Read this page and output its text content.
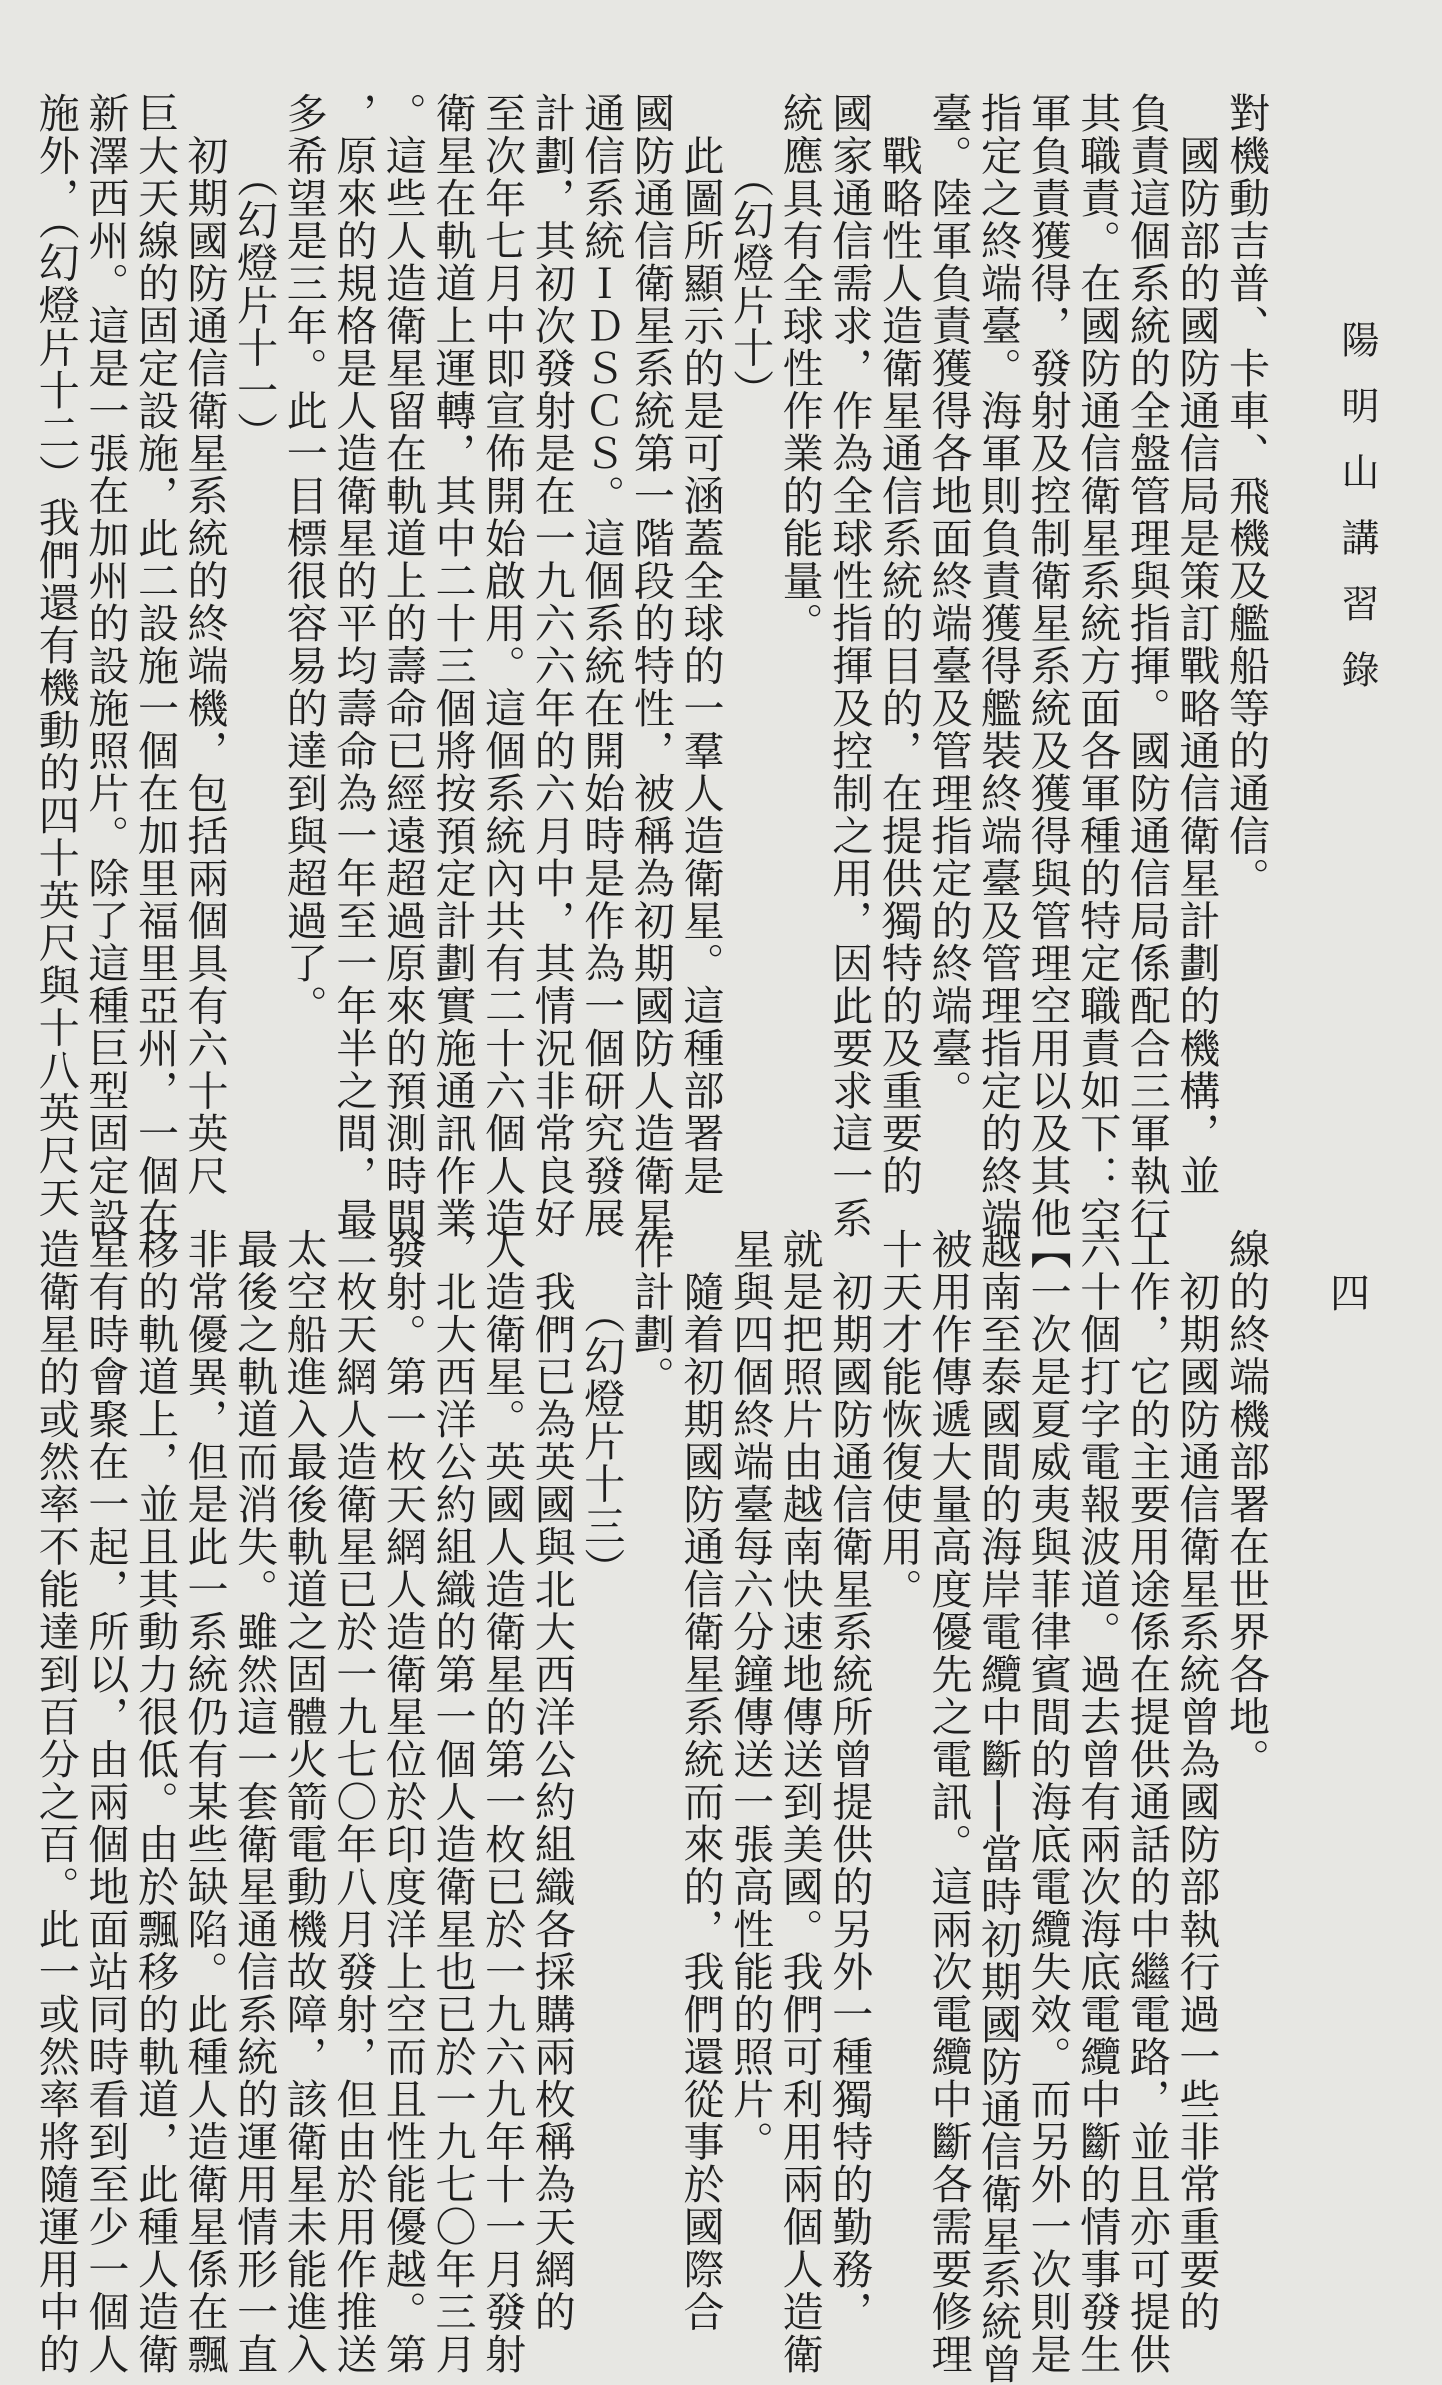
陽明山講習錄
四
對機動吉普、卡車、飛機及艦船等的通信。
　國防部的國防通信局是策訂戰略通信衛星計劃的機構，並
負責這個系統的全盤管理與指揮。國防通信局係配合三軍執行
其職責。在國防通信衛星系統方面各軍種的特定職責如下：空
軍負責獲得，發射及控制衛星系統及獲得與管理空用以及其他
指定之終端臺。海軍則負責獲得艦裝終端臺及管理指定的終端
臺。陸軍負責獲得各地面終端臺及管理指定的終端臺。
　戰略性人造衛星通信系統的目的，在提供獨特的及重要的
國家通信需求，作為全球性指揮及控制之用，因此要求這一系
統應具有全球性作業的能量。
　　（幻燈片十）
　此圖所顯示的是可涵蓋全球的一羣人造衛星。這種部署是
國防通信衛星系統第一階段的特性，被稱為初期國防人造衛星
通信系統ＩＤＳＣＳ。這個系統在開始時是作為一個研究發展
計劃，其初次發射是在一九六六年的六月中，其情況非常良好
至次年七月中即宣佈開始啟用。這個系統內共有二十六個人造
衛星在軌道上運轉，其中二十三個將按預定計劃實施通訊作業
。這些人造衛星留在軌道上的壽命已經遠超過原來的預測時間
，原來的規格是人造衛星的平均壽命為一年至一年半之間，最
多希望是三年。此一目標很容易的達到與超過了。
　　（幻燈片十一）
　初期國防通信衛星系統的終端機，包括兩個具有六十英尺
巨大天線的固定設施，此二設施一個在加里福里亞州，一個在
新澤西州。這是一張在加州的設施照片。除了這種巨型固定設
施外，（幻燈片十二）我們還有機動的四十英尺與十八英尺天
線的終端機部署在世界各地。
　初期國防通信衛星系統曾為國防部執行過一些非常重要的
工作，它的主要用途係在提供通話的中繼電路，並且亦可提供
六十個打字電報波道。過去曾有兩次海底電纜中斷的情事發生
【一次是夏威夷與菲律賓間的海底電纜失效。而另外一次則是
越南至泰國間的海岸電纜中斷──當時初期國防通信衛星系統曾
被用作傳遞大量高度優先之電訊。這兩次電纜中斷各需要修理
十天才能恢復使用。
　初期國防通信衛星系統所曾提供的另外一種獨特的勤務，
就是把照片由越南快速地傳送到美國。我們可利用兩個人造衛
星與四個終端臺每六分鐘傳送一張高性能的照片。
　隨着初期國防通信衛星系統而來的，我們還從事於國際合
作計劃。
　　（幻燈片十三）
　我們已為英國與北大西洋公約組織各採購兩枚稱為天網的
人造衛星。英國人造衛星的第一枚已於一九六九年十一月發射
，北大西洋公約組織的第一個人造衛星也已於一九七〇年三月
發射。第一枚天網人造衛星位於印度洋上空而且性能優越。第
二枚天網人造衛星已於一九七〇年八月發射，但由於用作推送
太空船進入最後軌道之固體火箭電動機故障，該衛星未能進入
最後之軌道而消失。雖然這一套衛星通信系統的運用情形一直
非常優異，但是此一系統仍有某些缺陷。此種人造衛星係在飄
移的軌道上，並且其動力很低。由於飄移的軌道，此種人造衛
星有時會聚在一起，所以，由兩個地面站同時看到至少一個人
造衛星的或然率不能達到百分之百。此一或然率將隨運用中的
